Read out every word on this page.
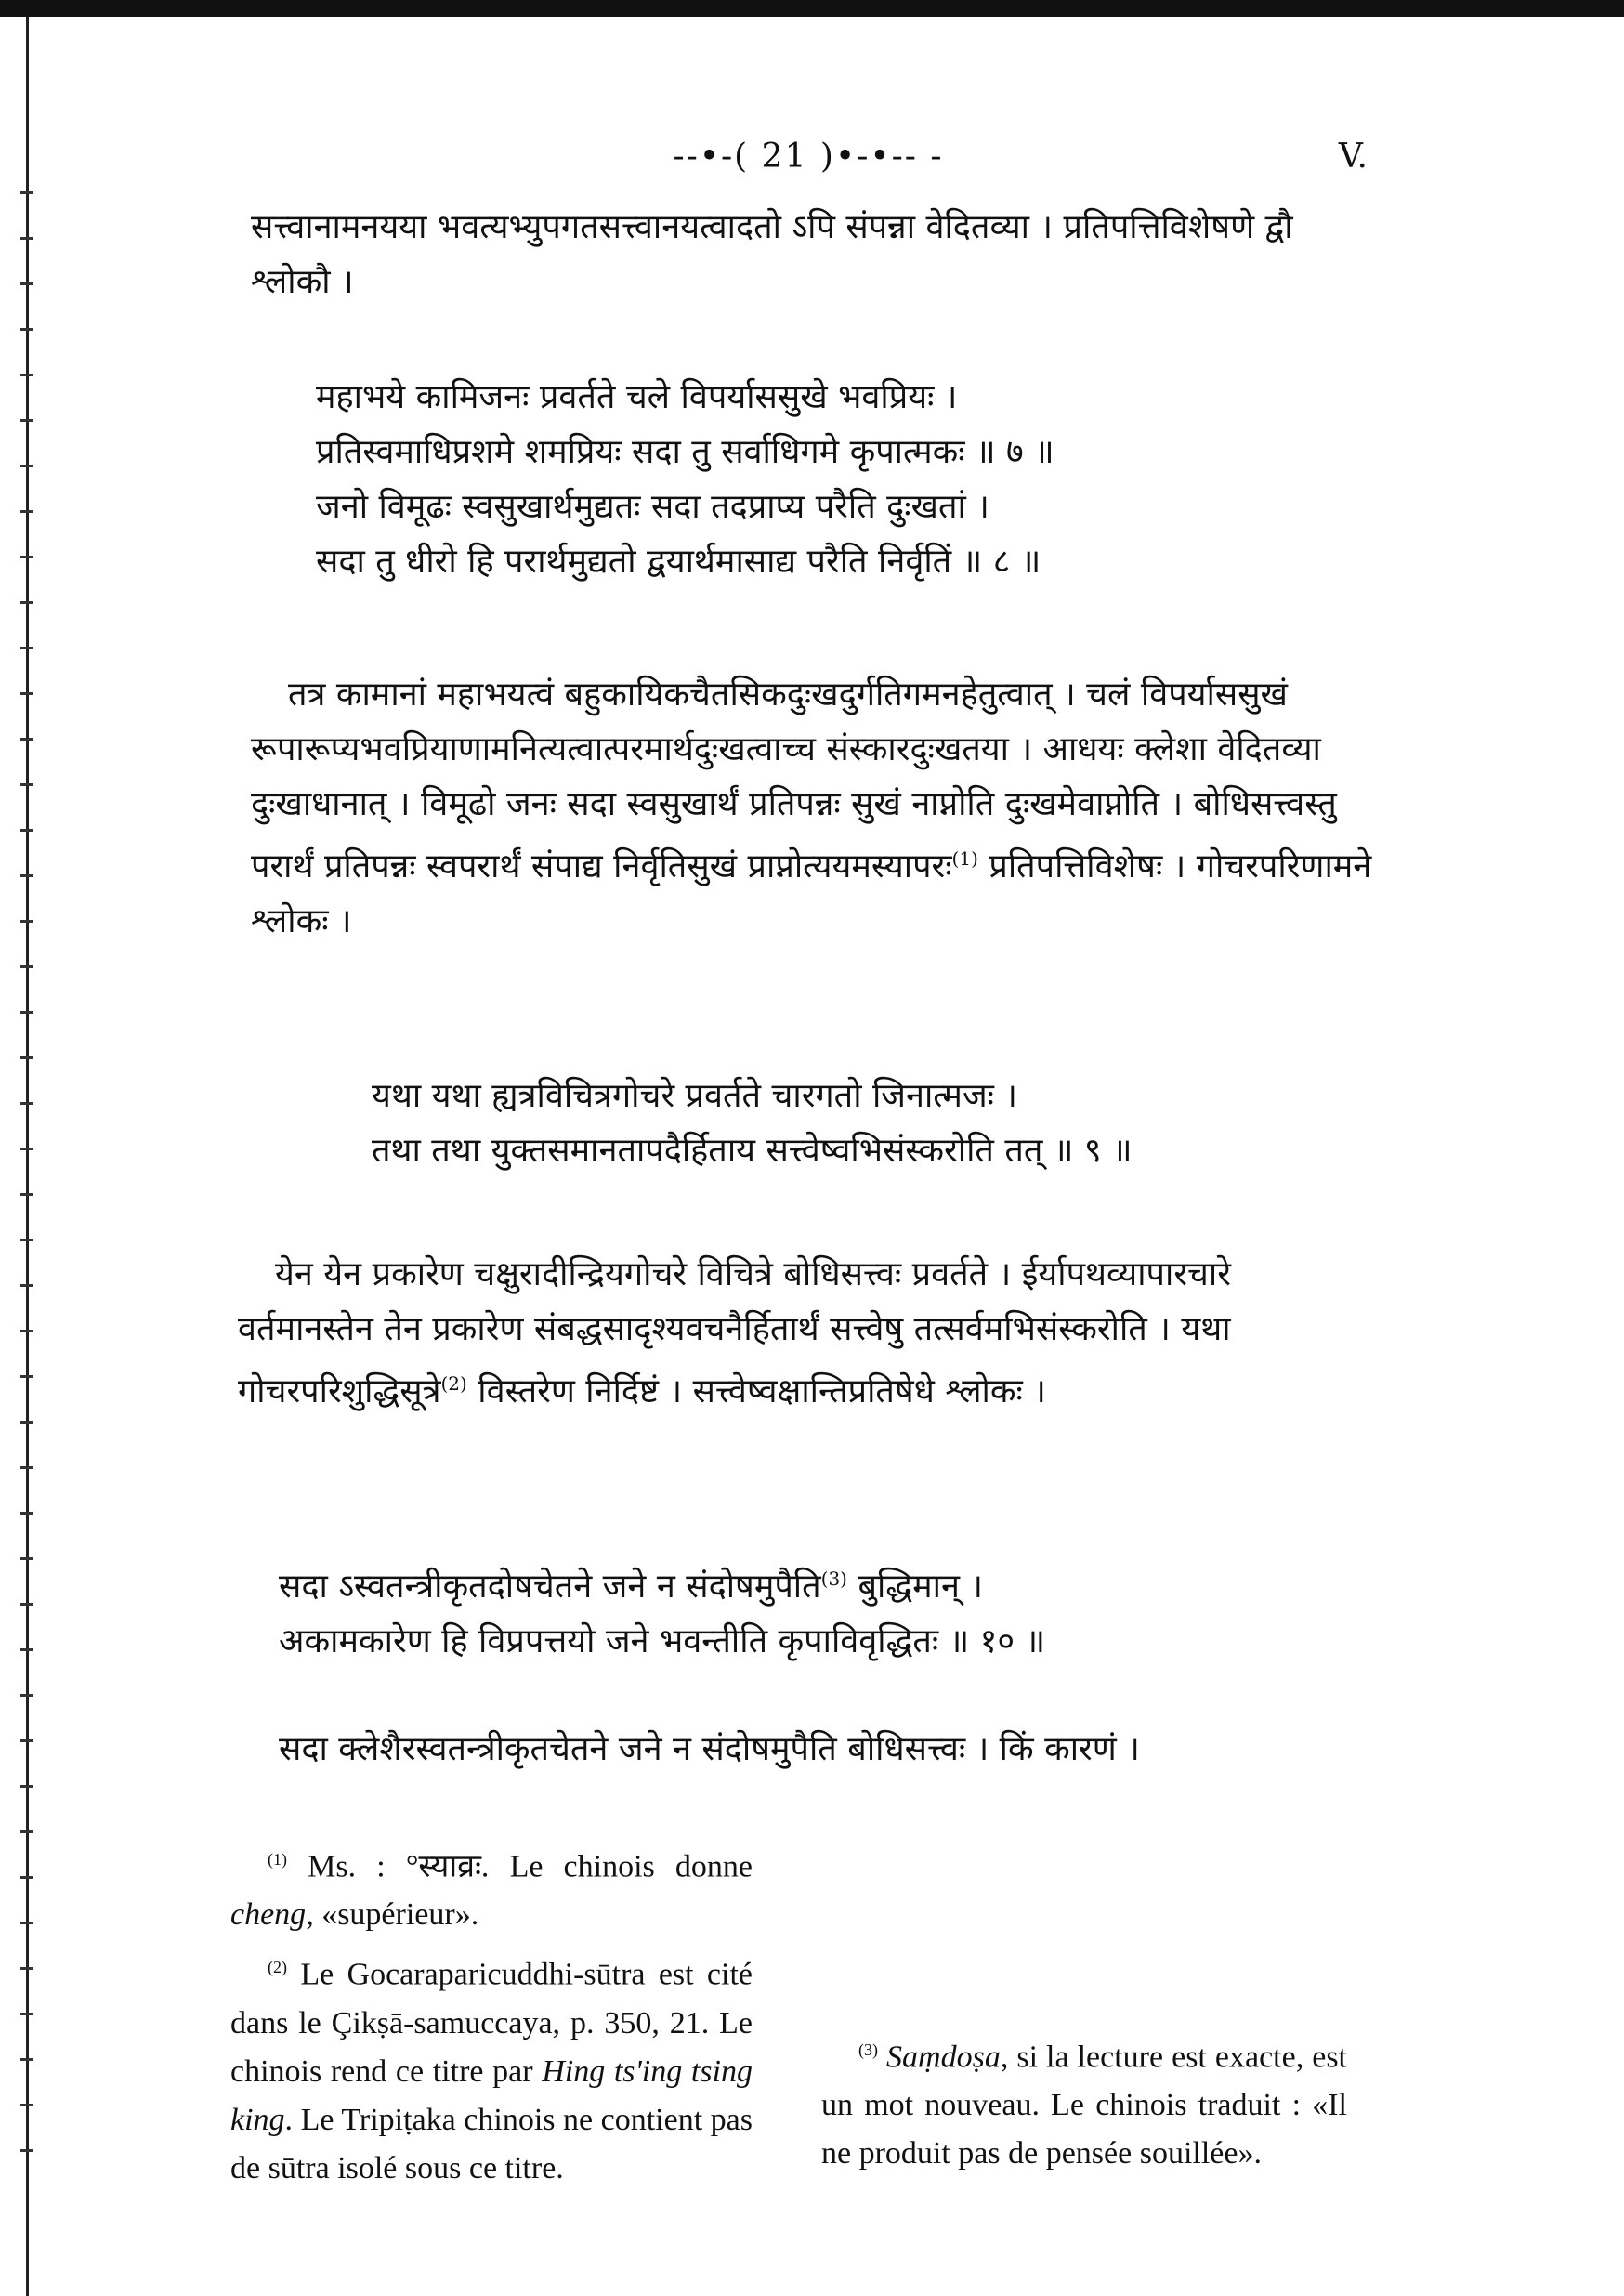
--•-( 21 )•-•-- -	V.
सत्त्वानामनयया भवत्यभ्युपगतसत्त्वानयत्वादतो ऽपि संपन्ना वेदितव्या । प्रतिपत्तिविशेषणे द्वौ श्लोकौ ।
महाभये कामिजनः प्रवर्तते चले विपर्याससुखे भवप्रियः ।
प्रतिस्वमाधिप्रशमे शमप्रियः सदा तु सर्वाधिगमे कृपात्मकः ॥ ७ ॥
जनो विमूढः स्वसुखार्थमुद्यतः सदा तदप्राप्य परैति दुःखतां ।
सदा तु धीरो हि परार्थमुद्यतो द्वयार्थमासाद्य परैति निर्वृतिं ॥ ८ ॥
तत्र कामानां महाभयत्वं बहुकायिकचैतसिकदुःखदुर्गतिगमनहेतुत्वात् । चलं विपर्याससुखं रूपारूप्यभवप्रियाणामनित्यत्वात्परमार्थदुःखत्वाच्च संस्कारदुःखतया । आधयः क्लेशा वेदितव्या दुःखाधानात् । विमूढो जनः सदा स्वसुखार्थं प्रतिपन्नः सुखं नाप्नोति दुःखमेवाप्नोति । बोधिसत्त्वस्तु परार्थं प्रतिपन्नः स्वपरार्थं संपाद्य निर्वृतिसुखं प्राप्नोत्ययमस्यापरः$^{(1)}$ प्रतिपत्तिविशेषः । गोचरपरिणामने श्लोकः ।
यथा यथा ह्यत्रविचित्रगोचरे प्रवर्तते चारगतो जिनात्मजः ।
तथा तथा युक्तसमानतापदैर्हिताय सत्त्वेष्वभिसंस्करोति तत् ॥ ९ ॥
येन येन प्रकारेण चक्षुरादीन्द्रियगोचरे विचित्रे बोधिसत्त्वः प्रवर्तते । ईर्यापथव्यापारचारे वर्तमानस्तेन तेन प्रकारेण संबद्धसादृश्यवचनैर्हितार्थं सत्त्वेषु तत्सर्वमभिसंस्करोति । यथा गोचरपरिशुद्धिसूत्रे$^{(2)}$ विस्तरेण निर्दिष्टं । सत्त्वेष्वक्षान्तिप्रतिषेधे श्लोकः ।
सदा ऽस्वतन्त्रीकृतदोषचेतने जने न संदोषमुपैति$^{(3)}$ बुद्धिमान् ।
अकामकारेण हि विप्रपत्तयो जने भवन्तीति कृपाविवृद्धितः ॥ १० ॥
सदा क्लेशैरस्वतन्त्रीकृतचेतने जने न संदोषमुपैति बोधिसत्त्वः । किं कारणं ।

$^{(1)}$ Ms. : °स्याव्रः. Le chinois donne cheng, «supérieur».

$^{(2)}$ Le Gocaraparicuddhi-sūtra est cité dans le Çikṣā-samuccaya, p. 350, 21. Le chinois rend ce titre par Hing ts'ing tsing king. Le Tripiṭaka chinois ne contient pas de sūtra isolé sous ce titre.

$^{(3)}$ Saṃdoṣa, si la lecture est exacte, est un mot nouveau. Le chinois traduit : «Il ne produit pas de pensée souillée».
